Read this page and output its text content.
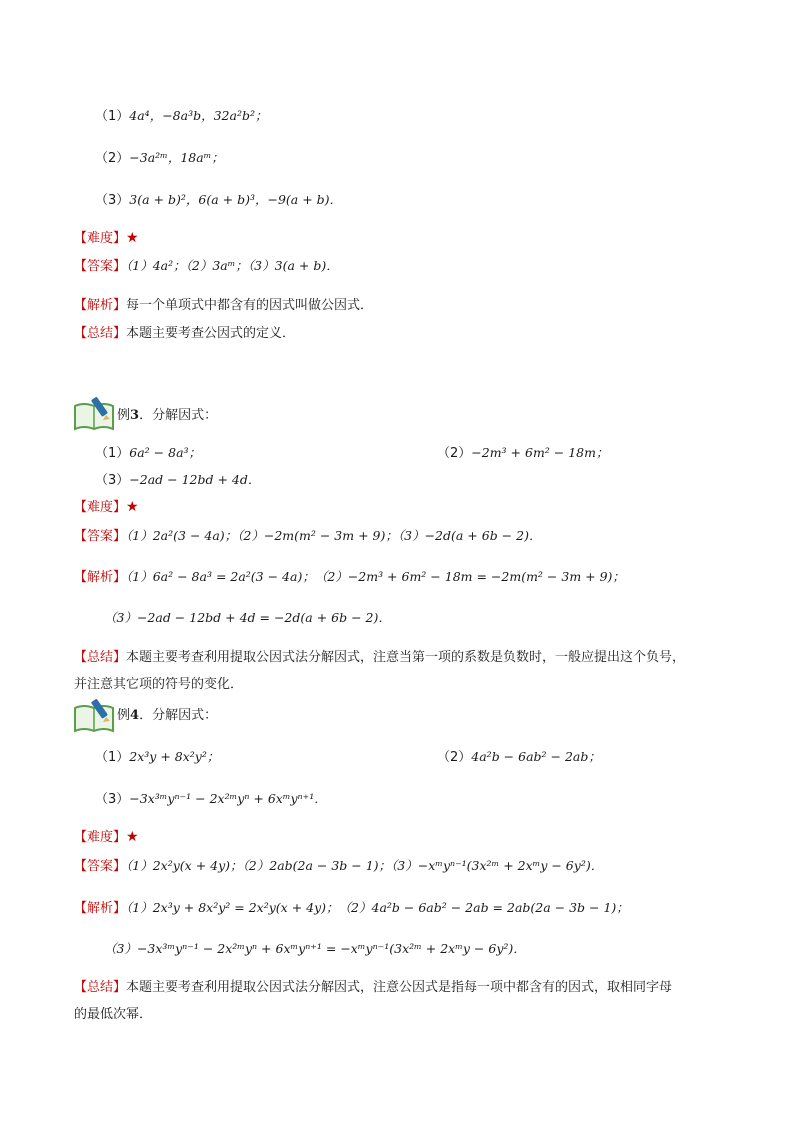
（1）4a⁴，−8a³b，32a²b²；
（2）−3a²ᵐ，18aᵐ；
（3）3(a + b)²，6(a + b)³，−9(a + b)．
【难度】★
【答案】（1）4a²；（2）3aᵐ；（3）3(a + b)．
【解析】每一个单项式中都含有的因式叫做公因式．
【总结】本题主要考查公因式的定义．
例3．分解因式：
（1）6a² − 8a³；	（2）−2m³ + 6m² − 18m；
（3）−2ad − 12bd + 4d．
【难度】★
【答案】（1）2a²(3 − 4a)；（2）−2m(m² − 3m + 9)；（3）−2d(a + 6b − 2)．
【解析】（1）6a² − 8a³ = 2a²(3 − 4a)；　（2）−2m³ + 6m² − 18m = −2m(m² − 3m + 9)；
（3）−2ad − 12bd + 4d = −2d(a + 6b − 2)．
【总结】本题主要考查利用提取公因式法分解因式，注意当第一项的系数是负数时，一般应提出这个负号，
并注意其它项的符号的变化．
例4．分解因式：
（1）2x³y + 8x²y²；	（2）4a²b − 6ab² − 2ab；
（3）−3x³ᵐyⁿ⁻¹ − 2x²ᵐyⁿ + 6xᵐyⁿ⁺¹．
【难度】★
【答案】（1）2x²y(x + 4y)；（2）2ab(2a − 3b − 1)；（3）−xᵐyⁿ⁻¹(3x²ᵐ + 2xᵐy − 6y²)．
【解析】（1）2x³y + 8x²y² = 2x²y(x + 4y)；　（2）4a²b − 6ab² − 2ab = 2ab(2a − 3b − 1)；
（3）−3x³ᵐyⁿ⁻¹ − 2x²ᵐyⁿ + 6xᵐyⁿ⁺¹ = −xᵐyⁿ⁻¹(3x²ᵐ + 2xᵐy − 6y²)．
【总结】本题主要考查利用提取公因式法分解因式，注意公因式是指每一项中都含有的因式，取相同字母
的最低次幂．
